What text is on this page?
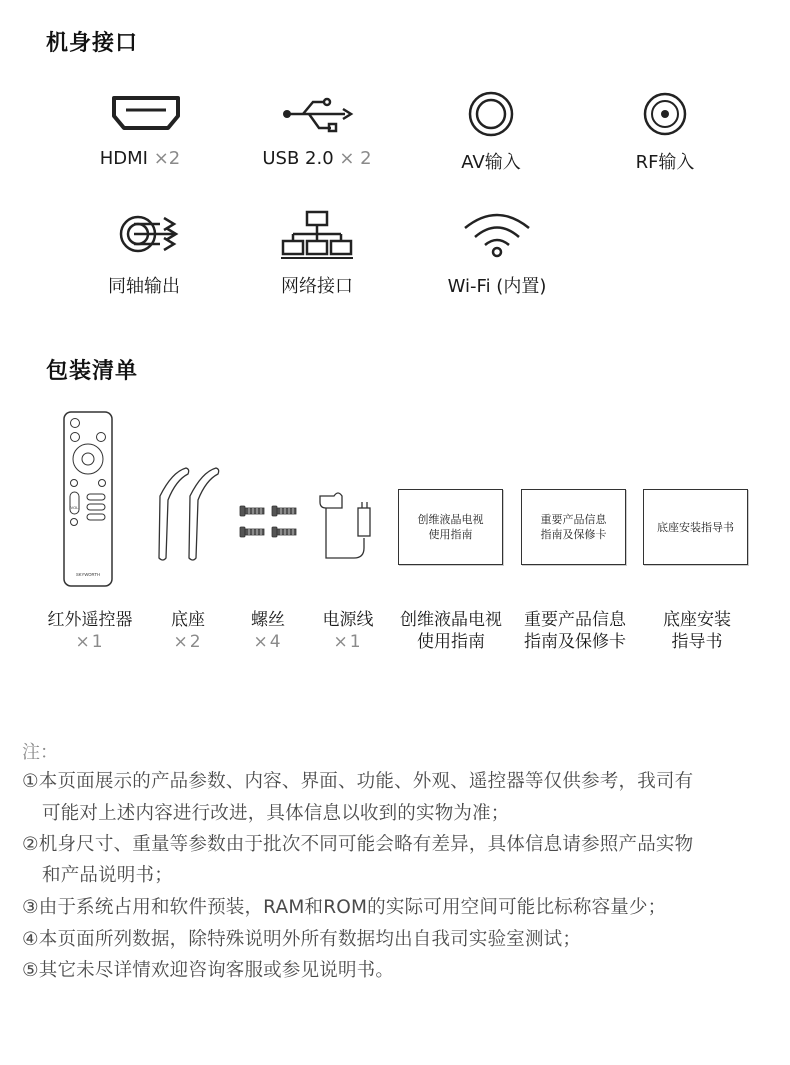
机身接口
HDMI ×2	USB 2.0 × 2	AV输入	RF输入
同轴输出	网络接口	Wi-Fi (内置)
包装清单
VOL
SKYWORTH
创维液晶电视
使用指南
重要产品信息
指南及保修卡
底座安装指导书
红外遥控器
×1
底座
×2
螺丝
×4
电源线
×1
创维液晶电视
使用指南
重要产品信息
指南及保修卡
底座安装
指导书
注：
①本页面展示的产品参数、内容、界面、功能、外观、遥控器等仅供参考，我司有
可能对上述内容进行改进，具体信息以收到的实物为准；
②机身尺寸、重量等参数由于批次不同可能会略有差异，具体信息请参照产品实物
和产品说明书；
③由于系统占用和软件预装，RAM和ROM的实际可用空间可能比标称容量少；
④本页面所列数据，除特殊说明外所有数据均出自我司实验室测试；
⑤其它未尽详情欢迎咨询客服或参见说明书。
